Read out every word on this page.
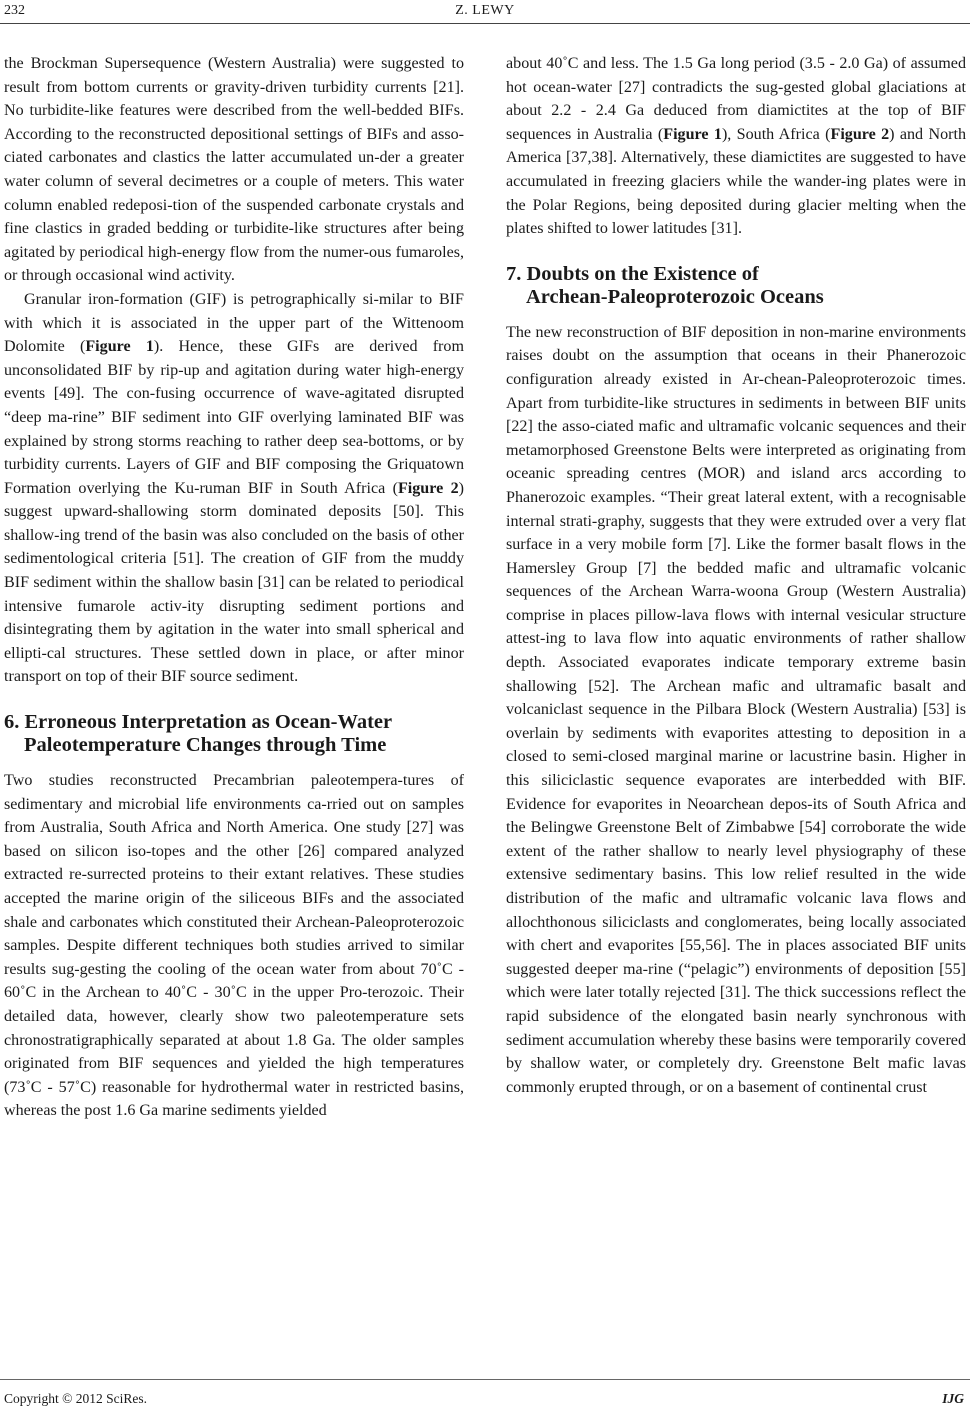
232	Z. LEWY

the Brockman Supersequence (Western Australia) were suggested to result from bottom currents or gravity-driven turbidity currents [21]. No turbidite-like features were described from the well-bedded BIFs. According to the reconstructed depositional settings of BIFs and asso-ciated carbonates and clastics the latter accumulated un-der a greater water column of several decimetres or a couple of meters. This water column enabled redeposi-tion of the suspended carbonate crystals and fine clastics in graded bedding or turbidite-like structures after being agitated by periodical high-energy flow from the numer-ous fumaroles, or through occasional wind activity.

Granular iron-formation (GIF) is petrographically si-milar to BIF with which it is associated in the upper part of the Wittenoom Dolomite (Figure 1). Hence, these GIFs are derived from unconsolidated BIF by rip-up and agitation during water high-energy events [49]. The con-fusing occurrence of wave-agitated disrupted “deep ma-rine” BIF sediment into GIF overlying laminated BIF was explained by strong storms reaching to rather deep sea-bottoms, or by turbidity currents. Layers of GIF and BIF composing the Griquatown Formation overlying the Ku-ruman BIF in South Africa (Figure 2) suggest upward-shallowing storm dominated deposits [50]. This shallow-ing trend of the basin was also concluded on the basis of other sedimentological criteria [51]. The creation of GIF from the muddy BIF sediment within the shallow basin [31] can be related to periodical intensive fumarole activ-ity disrupting sediment portions and disintegrating them by agitation in the water into small spherical and ellipti-cal structures. These settled down in place, or after minor transport on top of their BIF source sediment.

6. Erroneous Interpretation as Ocean-Water
Paleotemperature Changes through Time

Two studies reconstructed Precambrian paleotempera-tures of sedimentary and microbial life environments ca-rried out on samples from Australia, South Africa and North America. One study [27] was based on silicon iso-topes and the other [26] compared analyzed extracted re-surrected proteins to their extant relatives. These studies accepted the marine origin of the siliceous BIFs and the associated shale and carbonates which constituted their Archean-Paleoproterozoic samples. Despite different techniques both studies arrived to similar results sug-gesting the cooling of the ocean water from about 70˚C - 60˚C in the Archean to 40˚C - 30˚C in the upper Pro-terozoic. Their detailed data, however, clearly show two paleotemperature sets chronostratigraphically separated at about 1.8 Ga. The older samples originated from BIF sequences and yielded the high temperatures (73˚C - 57˚C) reasonable for hydrothermal water in restricted basins, whereas the post 1.6 Ga marine sediments yielded

about 40˚C and less. The 1.5 Ga long period (3.5 - 2.0 Ga) of assumed hot ocean-water [27] contradicts the sug-gested global glaciations at about 2.2 - 2.4 Ga deduced from diamictites at the top of BIF sequences in Australia (Figure 1), South Africa (Figure 2) and North America [37,38]. Alternatively, these diamictites are suggested to have accumulated in freezing glaciers while the wander-ing plates were in the Polar Regions, being deposited during glacier melting when the plates shifted to lower latitudes [31].

7. Doubts on the Existence of
Archean-Paleoproterozoic Oceans

The new reconstruction of BIF deposition in non-marine environments raises doubt on the assumption that oceans in their Phanerozoic configuration already existed in Ar-chean-Paleoproterozoic times. Apart from turbidite-like structures in sediments in between BIF units [22] the asso-ciated mafic and ultramafic volcanic sequences and their metamorphosed Greenstone Belts were interpreted as originating from oceanic spreading centres (MOR) and island arcs according to Phanerozoic examples. “Their great lateral extent, with a recognisable internal strati-graphy, suggests that they were extruded over a very flat surface in a very mobile form [7]. Like the former basalt flows in the Hamersley Group [7] the bedded mafic and ultramafic volcanic sequences of the Archean Warra-woona Group (Western Australia) comprise in places pillow-lava flows with internal vesicular structure attest-ing to lava flow into aquatic environments of rather shallow depth. Associated evaporates indicate temporary extreme basin shallowing [52]. The Archean mafic and ultramafic basalt and volcaniclast sequence in the Pilbara Block (Western Australia) [53] is overlain by sediments with evaporites attesting to deposition in a closed to semi-closed marginal marine or lacustrine basin. Higher in this siliciclastic sequence evaporates are interbedded with BIF. Evidence for evaporites in Neoarchean depos-its of South Africa and the Belingwe Greenstone Belt of Zimbabwe [54] corroborate the wide extent of the rather shallow to nearly level physiography of these extensive sedimentary basins. This low relief resulted in the wide distribution of the mafic and ultramafic volcanic lava flows and allochthonous siliciclasts and conglomerates, being locally associated with chert and evaporites [55,56]. The in places associated BIF units suggested deeper ma-rine (“pelagic”) environments of deposition [55] which were later totally rejected [31]. The thick successions reflect the rapid subsidence of the elongated basin nearly synchronous with sediment accumulation whereby these basins were temporarily covered by shallow water, or completely dry. Greenstone Belt mafic lavas commonly erupted through, or on a basement of continental crust

Copyright © 2012 SciRes.	IJG
